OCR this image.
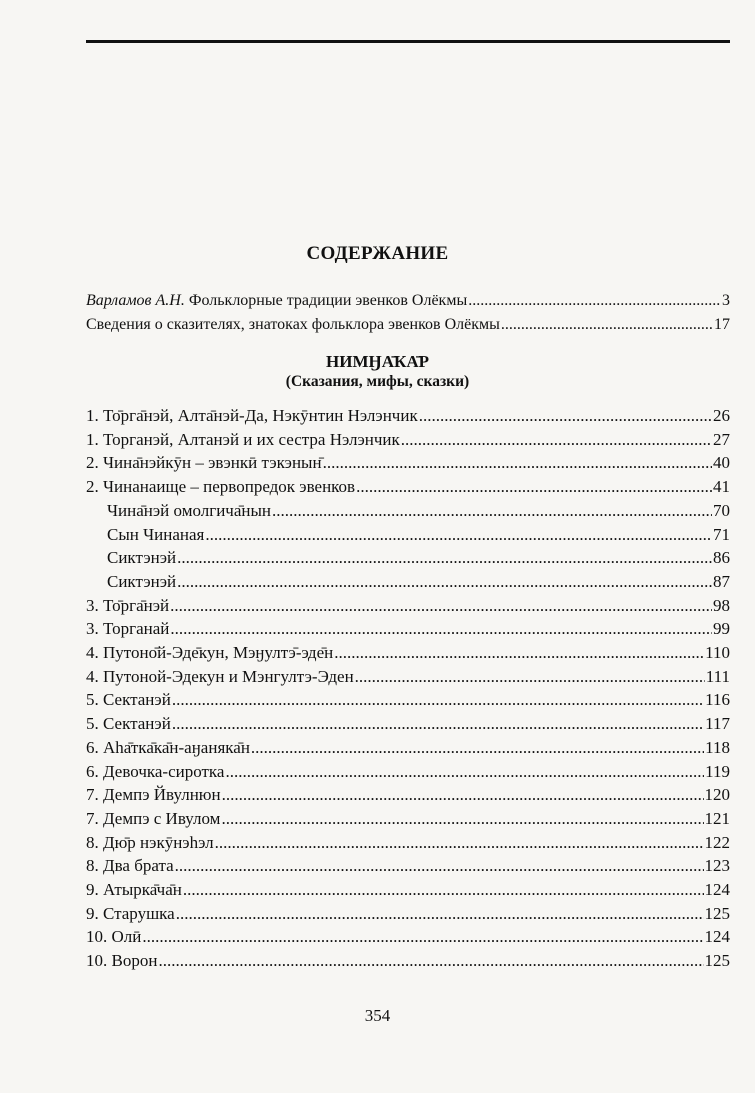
СОДЕРЖАНИЕ
Варламов А.Н. Фольклорные традиции эвенков Олёкмы .....	3
Сведения о сказителях, знатоках фольклора эвенков Олёкмы .....	17
НИМӇА̄КА̄Р
(Сказания, мифы, сказки)
1. То̄рга̄нэй, Алта̄нэй-Да, Нэкӯнтин Нэлэнчик .....	26
1. Торганэй, Алтанэй и их сестра Нэлэнчик .....	27
2. Чина̄нэйкӯн – эвэнкӣ тэкэнын̄ .....	40
2. Чинанаище – первопредок эвенков .....	41
Чина̄нэй омолгича̄нын .....	70
Сын Чинаная .....	71
Сиктэнэй .....	86
Сиктэнэй .....	87
3. То̄рга̄нэй .....	98
3. Торганай .....	99
4. Путоно̄й-Эде̄кун, Мэӈултэ̄-эде̄н .....	110
4. Путоной-Эдекун и Мэнгултэ-Эден .....	111
5. Сектанэй .....	116
5. Сектанэй .....	117
6. Аһа̄тка̄ка̄н-аӈаняка̄н .....	118
6. Девочка-сиротка .....	119
7. Демпэ Йвулнюн .....	120
7. Демпэ с Ивулом .....	121
8. Дю̄р нэкӯнэһэл .....	122
8. Два брата .....	123
9. Атырка̄ча̄н .....	124
9. Старушка .....	125
10. Олӣ .....	124
10. Ворон .....	125
354
